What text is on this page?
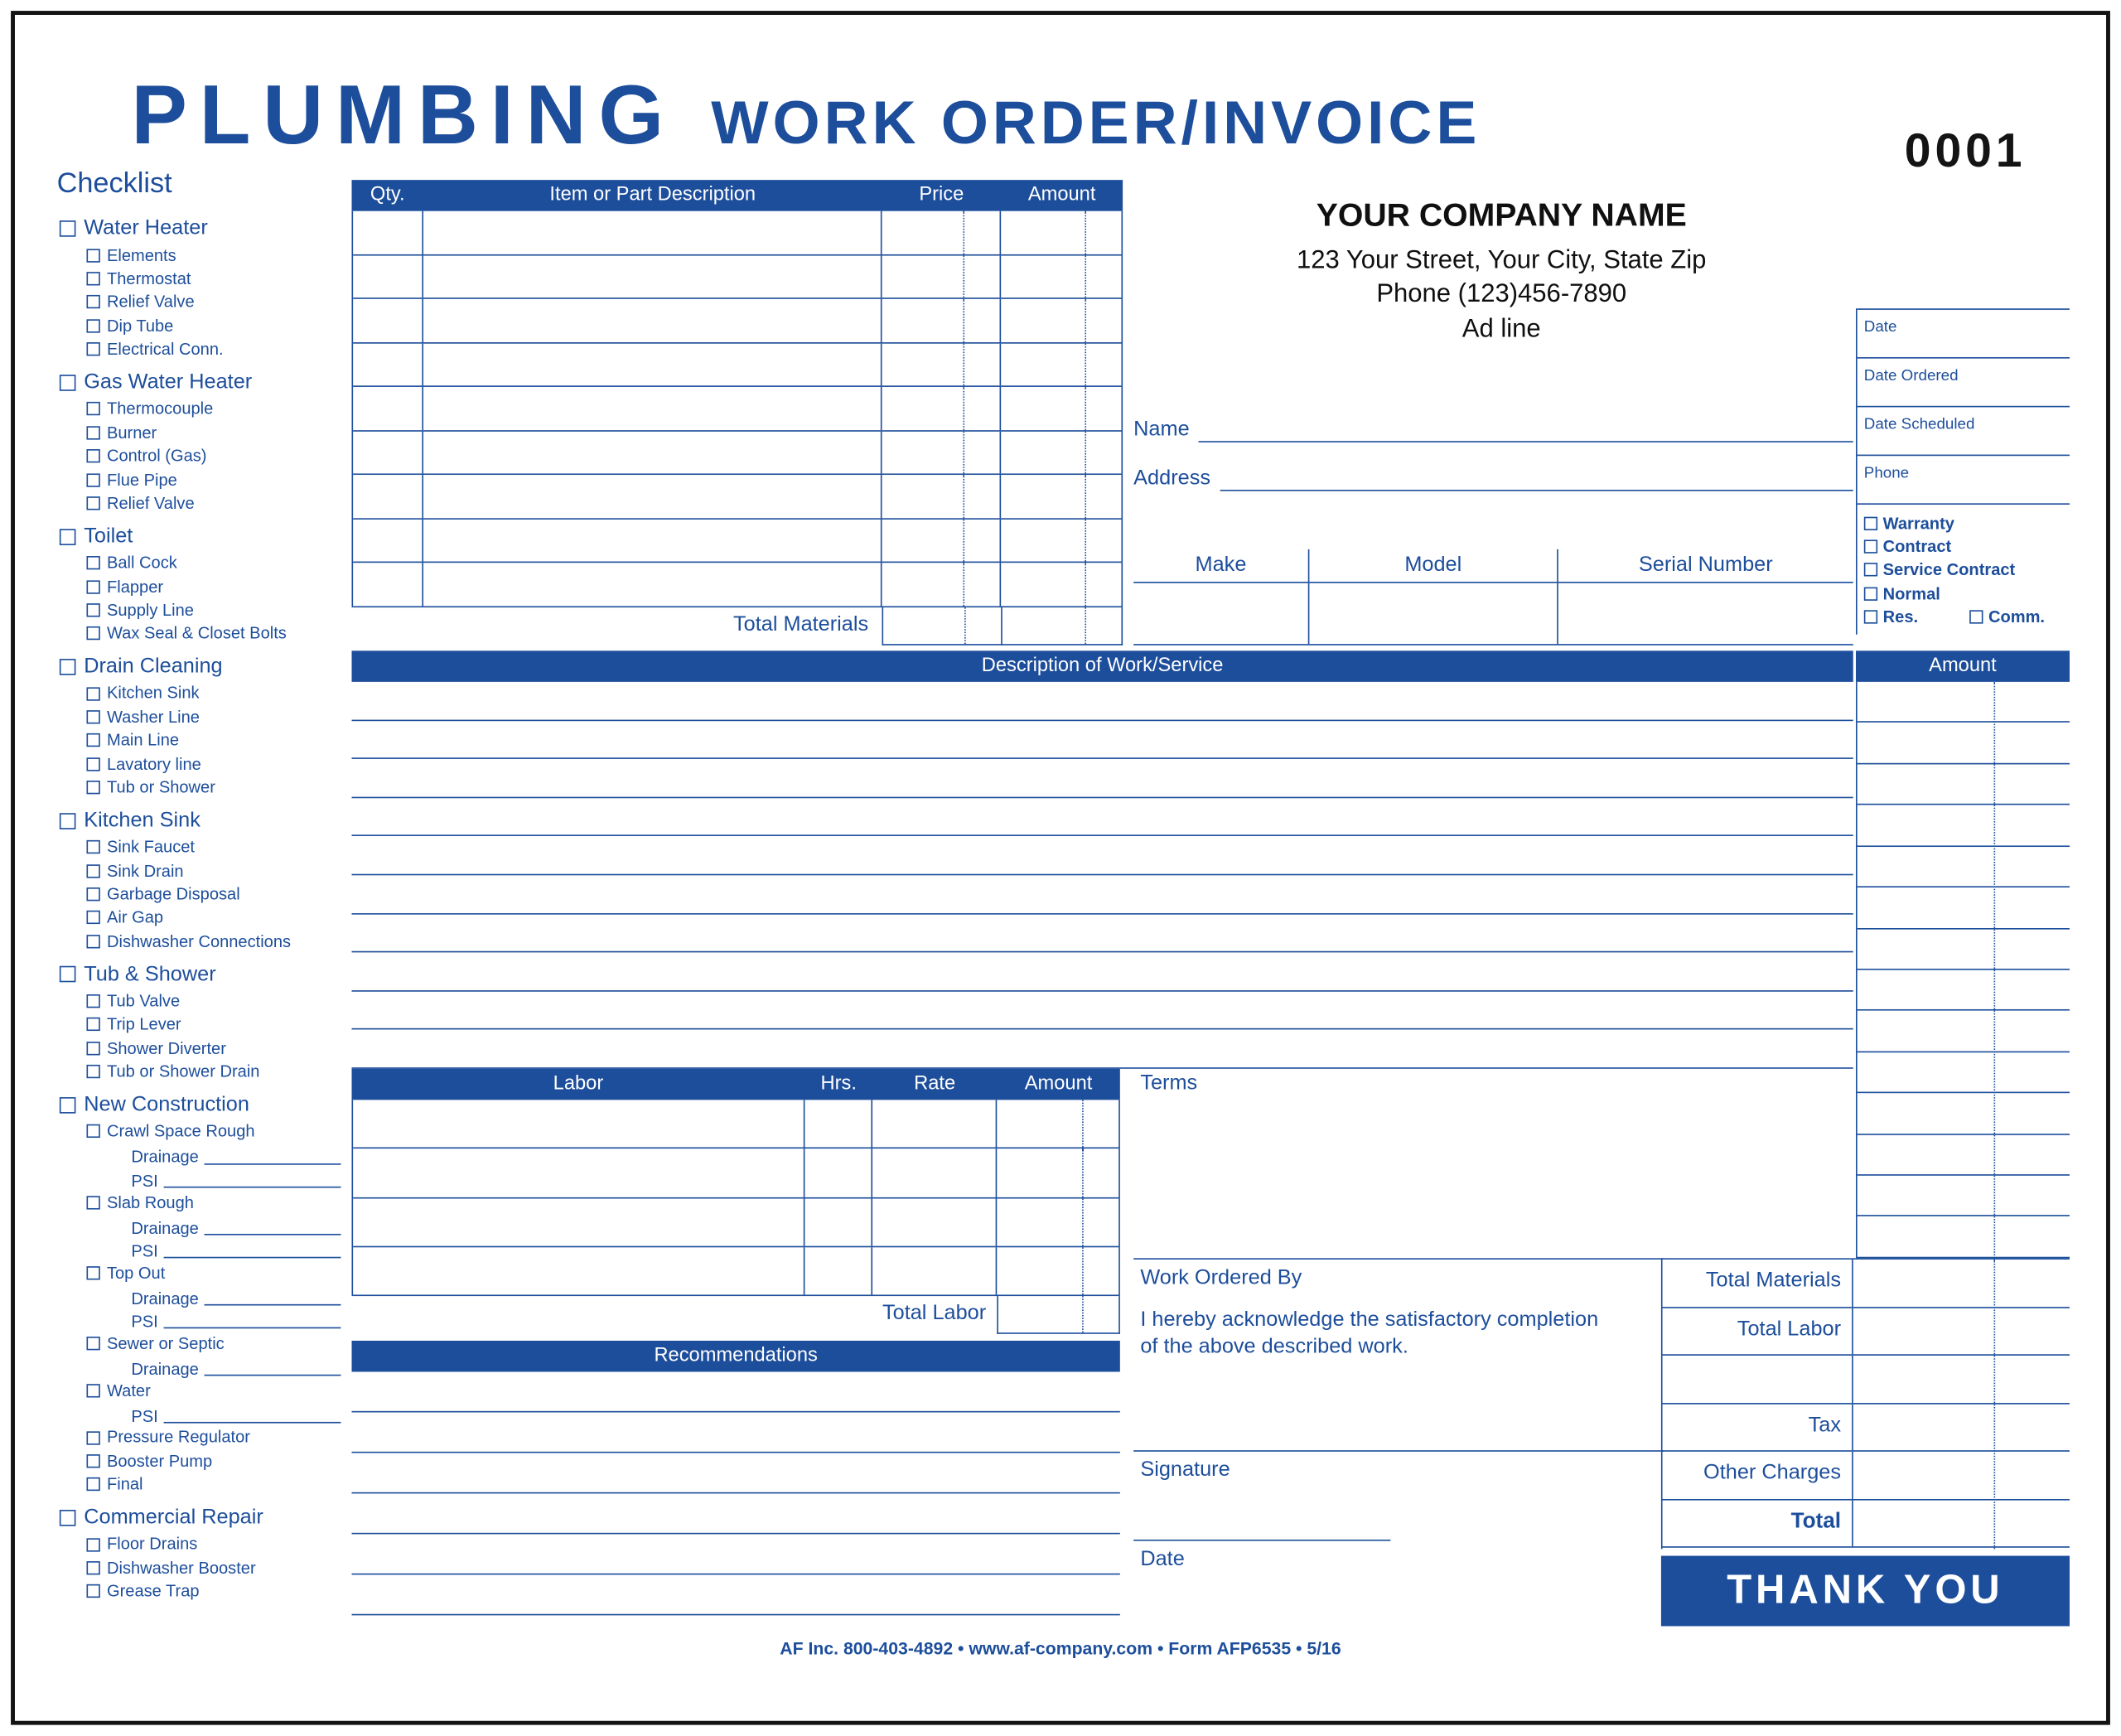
PLUMBING WORK ORDER/INVOICE	0001
Checklist
Water Heater
Elements
Thermostat
Relief Valve
Dip Tube
Electrical Conn.
Gas Water Heater
Thermocouple
Burner
Control (Gas)
Flue Pipe
Relief Valve
Toilet
Ball Cock
Flapper
Supply Line
Wax Seal & Closet Bolts
Drain Cleaning
Kitchen Sink
Washer Line
Main Line
Lavatory line
Tub or Shower
Kitchen Sink
Sink Faucet
Sink Drain
Garbage Disposal
Air Gap
Dishwasher Connections
Tub & Shower
Tub Valve
Trip Lever
Shower Diverter
Tub or Shower Drain
New Construction
Crawl Space Rough
Drainage
PSI
Slab Rough
Drainage
PSI
Top Out
Drainage
PSI
Sewer or Septic
Drainage
Water
PSI
Pressure Regulator
Booster Pump
Final
Commercial Repair
Floor Drains
Dishwasher Booster
Grease Trap
Qty.	Item or Part Description	Price	Amount
Total Materials
YOUR COMPANY NAME
123 Your Street, Your City, State Zip
Phone (123)456-7890
Ad line
Name
Address
Date
Date Ordered
Date Scheduled
Phone
Warranty
Contract
Service Contract
Normal
Res.	Comm.
Make	Model	Serial Number
Description of Work/Service	Amount
Labor	Hrs.	Rate	Amount
Total Labor
Terms
Recommendations
Work Ordered By
I hereby acknowledge the satisfactory completion of the above described work.
Signature
Date
Total Materials
Total Labor
Tax
Other Charges
Total
THANK YOU
AF Inc. 800-403-4892 • www.af-company.com • Form AFP6535 • 5/16
